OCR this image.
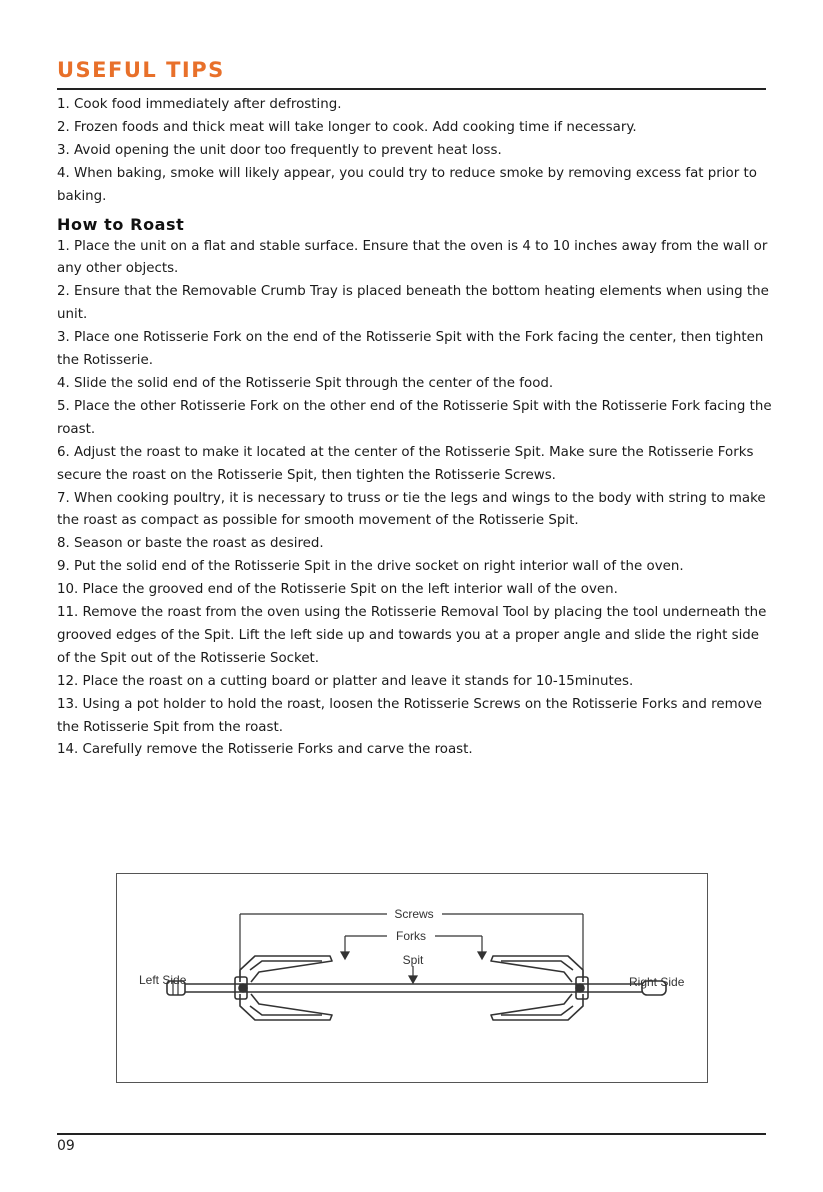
USEFUL TIPS

1. Cook food immediately after defrosting.

2. Frozen foods and thick meat will take longer to cook. Add cooking time if necessary.

3. Avoid opening the unit door too frequently to prevent heat loss.

4. When baking, smoke will likely appear, you could try to reduce smoke by removing excess fat prior to baking.

How to Roast

1. Place the unit on a flat and stable surface. Ensure that the oven is 4 to 10 inches away from the wall or any other objects.

2. Ensure that the Removable Crumb Tray is placed beneath the bottom heating elements when using the unit.

3. Place one Rotisserie Fork on the end of the Rotisserie Spit with the Fork facing the center, then tighten the Rotisserie.

4. Slide the solid end of the Rotisserie Spit through the center of the food.

5. Place the other Rotisserie Fork on the other end of the Rotisserie Spit with the Rotisserie Fork facing the roast.

6. Adjust the roast to make it located at the center of the Rotisserie Spit. Make sure the Rotisserie Forks secure the roast on the Rotisserie Spit, then tighten the Rotisserie Screws.

7. When cooking poultry, it is necessary to truss or tie the legs and wings to the body with string to make the roast as compact as possible for smooth movement of the Rotisserie Spit.

8. Season or baste the roast as desired.

9. Put the solid end of the Rotisserie Spit in the drive socket on right interior wall of the oven.

10. Place the grooved end of the Rotisserie Spit on the left interior wall of the oven.

11. Remove the roast from the oven using the Rotisserie Removal Tool by placing the tool underneath the grooved edges of the Spit. Lift the left side up and towards you at a proper angle and slide the right side of the Spit out of the Rotisserie Socket.

12. Place the roast on a cutting board or platter and leave it stands for 10-15minutes.

13. Using a pot holder to hold the roast, loosen the Rotisserie Screws on the Rotisserie Forks and remove the Rotisserie Spit from the roast.

14. Carefully remove the Rotisserie Forks and carve the roast.

Screws
Forks
Spit
Left Side	Right Side
09
